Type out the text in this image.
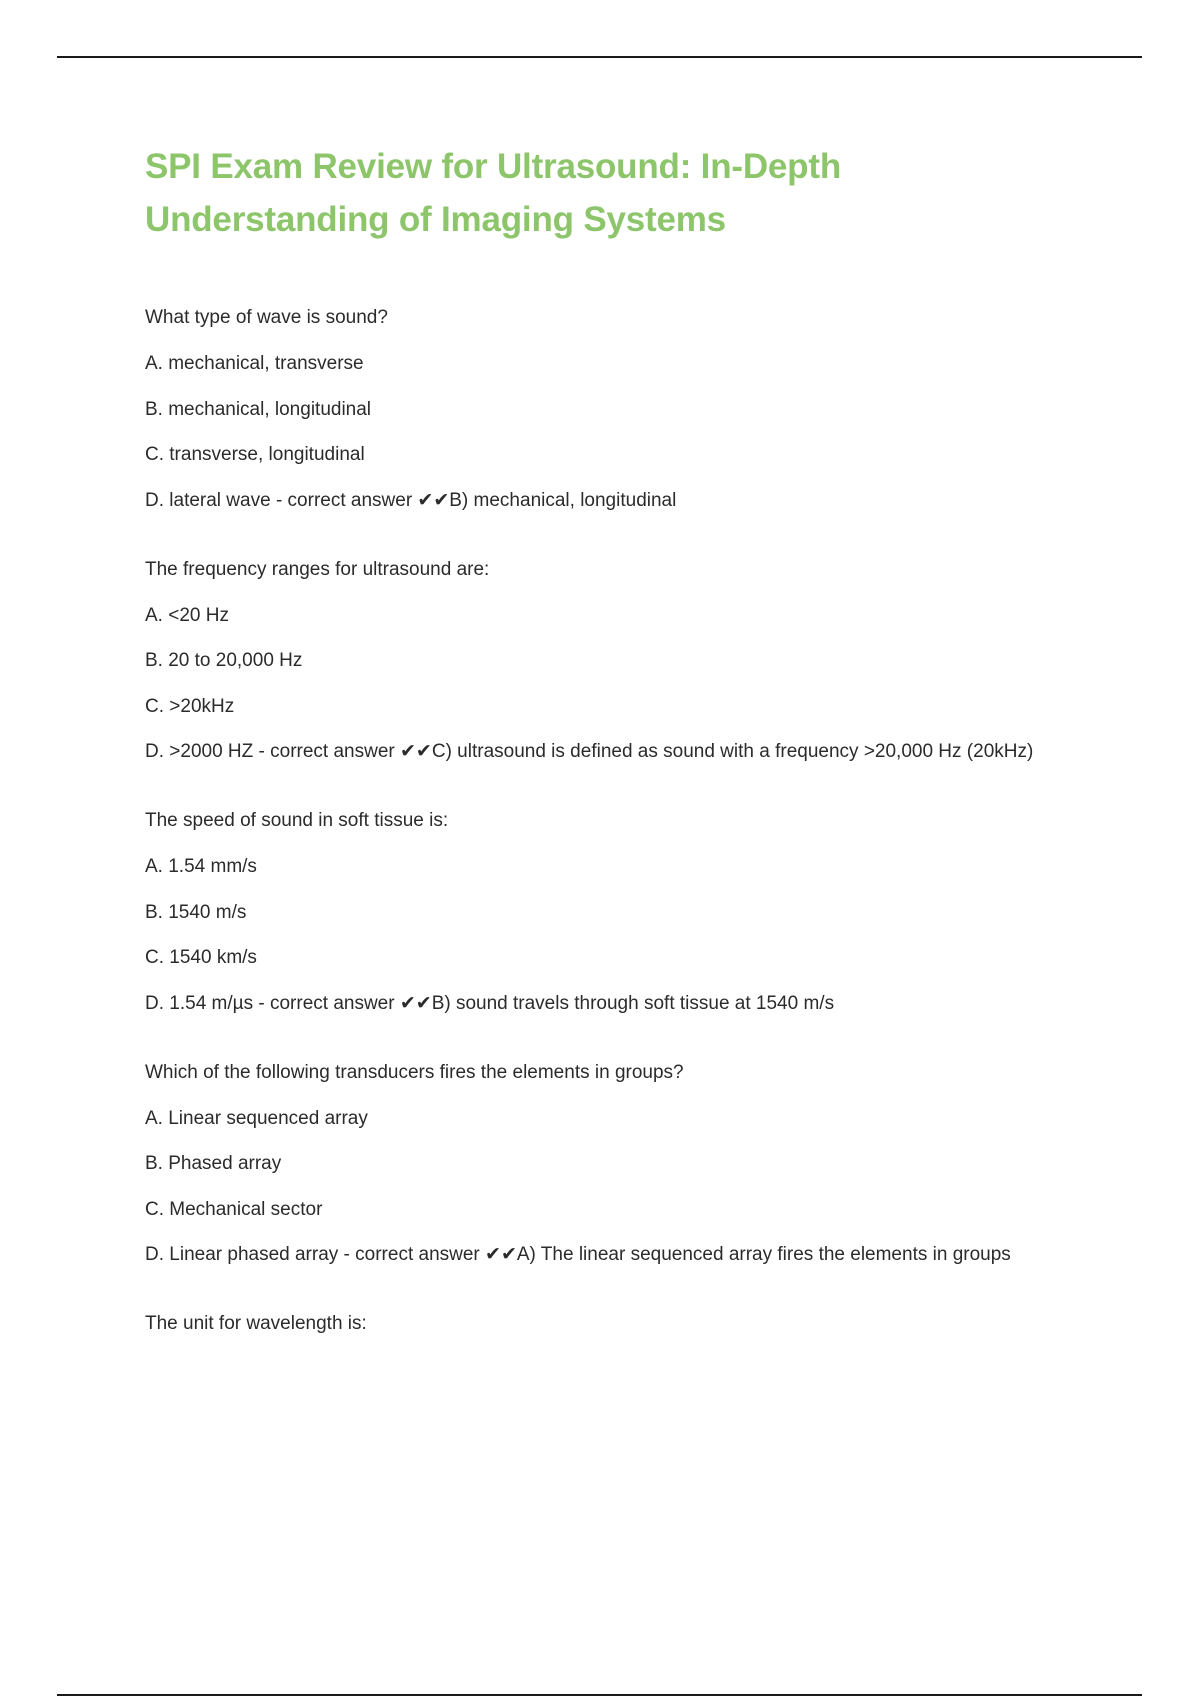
SPI Exam Review for Ultrasound: In-Depth
Understanding of Imaging Systems

What type of wave is sound?

A. mechanical, transverse

B. mechanical, longitudinal

C. transverse, longitudinal

D. lateral wave - correct answer ✔✔B) mechanical, longitudinal

The frequency ranges for ultrasound are:

A. <20 Hz

B. 20 to 20,000 Hz

C. >20kHz

D. >2000 HZ - correct answer ✔✔C) ultrasound is defined as sound with a frequency >20,000 Hz (20kHz)

The speed of sound in soft tissue is:

A. 1.54 mm/s

B. 1540 m/s

C. 1540 km/s

D. 1.54 m/µs - correct answer ✔✔B) sound travels through soft tissue at 1540 m/s

Which of the following transducers fires the elements in groups?

A. Linear sequenced array

B. Phased array

C. Mechanical sector

D. Linear phased array - correct answer ✔✔A) The linear sequenced array fires the elements in groups

The unit for wavelength is:
